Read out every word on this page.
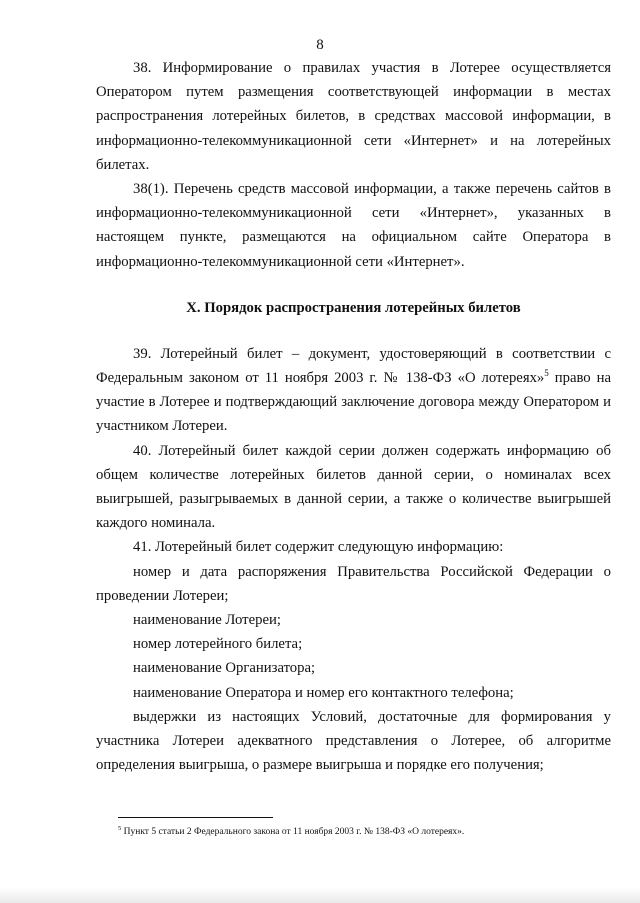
8

38. Информирование о правилах участия в Лотерее осуществляется Оператором путем размещения соответствующей информации в местах распространения лотерейных билетов, в средствах массовой информации, в информационно-телекоммуникационной сети «Интернет» и на лотерейных билетах.

38(1). Перечень средств массовой информации, а также перечень сайтов в информационно-телекоммуникационной сети «Интернет», указанных в настоящем пункте, размещаются на официальном сайте Оператора в информационно-телекоммуникационной сети «Интернет».

X. Порядок распространения лотерейных билетов

39. Лотерейный билет – документ, удостоверяющий в соответствии с Федеральным законом от 11 ноября 2003 г. № 138-ФЗ «О лотереях»$^5$ право на участие в Лотерее и подтверждающий заключение договора между Оператором и участником Лотереи.

40. Лотерейный билет каждой серии должен содержать информацию об общем количестве лотерейных билетов данной серии, о номиналах всех выигрышей, разыгрываемых в данной серии, а также о количестве выигрышей каждого номинала.

41. Лотерейный билет содержит следующую информацию:

номер и дата распоряжения Правительства Российской Федерации о проведении Лотереи;

наименование Лотереи;

номер лотерейного билета;

наименование Организатора;

наименование Оператора и номер его контактного телефона;

выдержки из настоящих Условий, достаточные для формирования у участника Лотереи адекватного представления о Лотерее, об алгоритме определения выигрыша, о размере выигрыша и порядке его получения;

$^5$ Пункт 5 статьи 2 Федерального закона от 11 ноября 2003 г. № 138-ФЗ «О лотереях».
